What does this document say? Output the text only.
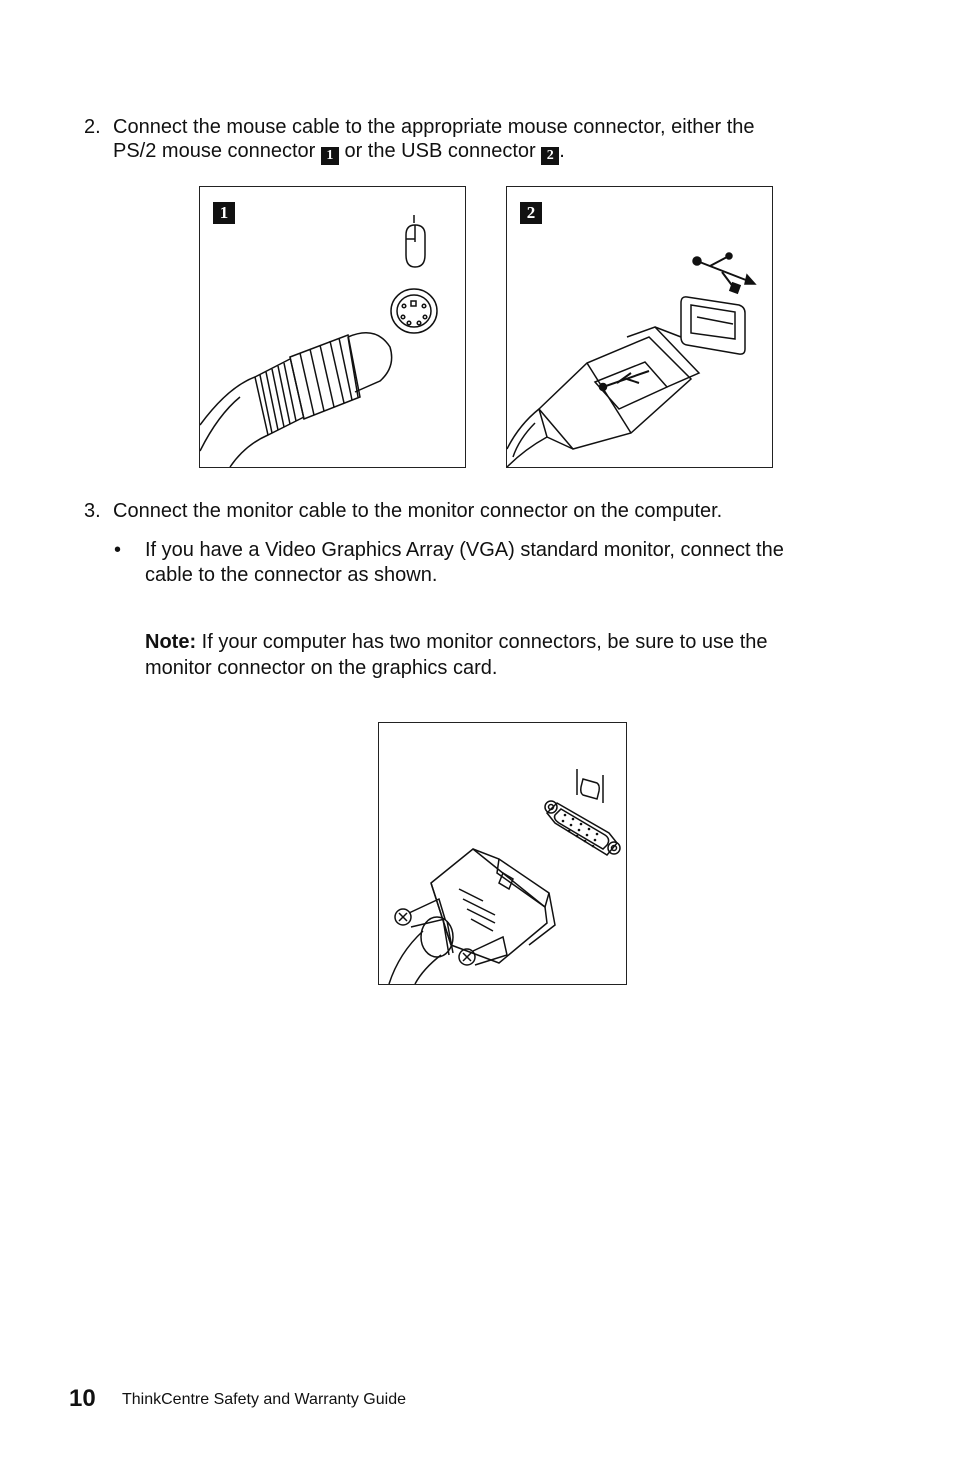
2. Connect the mouse cable to the appropriate mouse connector, either the
PS/2 mouse connector 1 or the USB connector 2 .
1	2
3. Connect the monitor cable to the monitor connector on the computer.
• If you have a Video Graphics Array (VGA) standard monitor, connect the
cable to the connector as shown.
Note: If your computer has two monitor connectors, be sure to use the
monitor connector on the graphics card.
10 ThinkCentre Safety and Warranty Guide
